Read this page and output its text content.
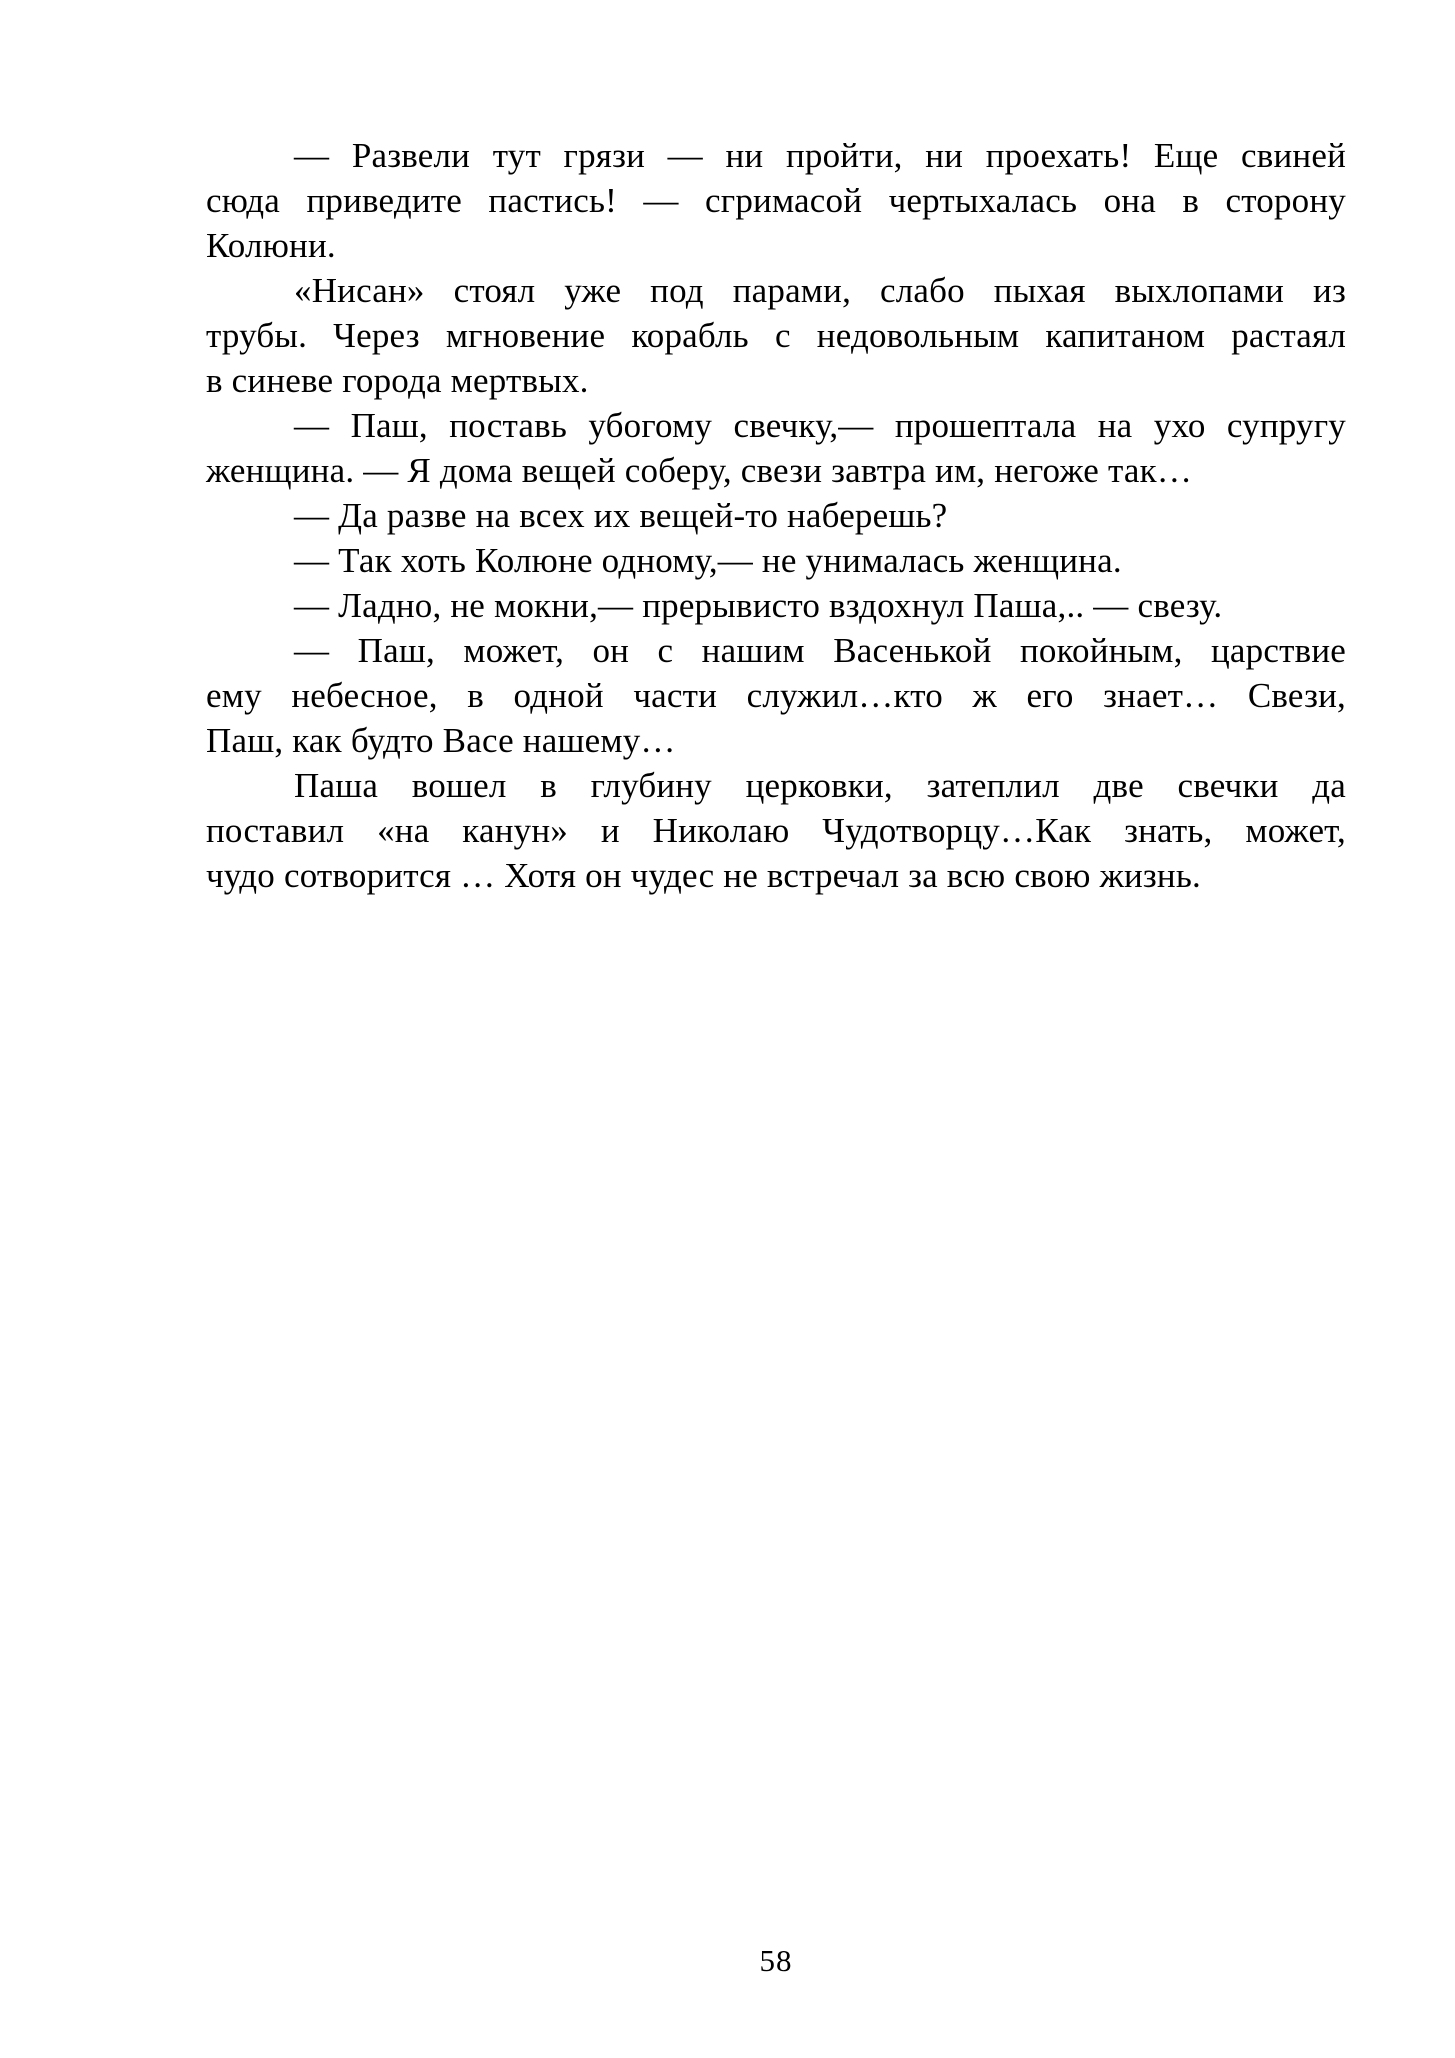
— Развели тут грязи — ни пройти, ни проехать! Еще свиней
сюда приведите пастись! — сгримасой чертыхалась она в сторону
Колюни.

«Нисан» стоял уже под парами, слабо пыхая выхлопами из
трубы. Через мгновение корабль с недовольным капитаном растаял
в синеве города мертвых.

— Паш, поставь убогому свечку,— прошептала на ухо супругу
женщина. — Я дома вещей соберу, свези завтра им, негоже так…

— Да разве на всех их вещей-то наберешь?

— Так хоть Колюне одному,— не унималась женщина.

— Ладно, не мокни,— прерывисто вздохнул Паша,.. — свезу.

— Паш, может, он с нашим Васенькой покойным, царствие
ему небесное, в одной части служил…кто ж его знает… Свези,
Паш, как будто Васе нашему…

Паша вошел в глубину церковки, затеплил две свечки да
поставил «на канун» и Николаю Чудотворцу…Как знать, может,
чудо сотворится … Хотя он чудес не встречал за всю свою жизнь.

58
